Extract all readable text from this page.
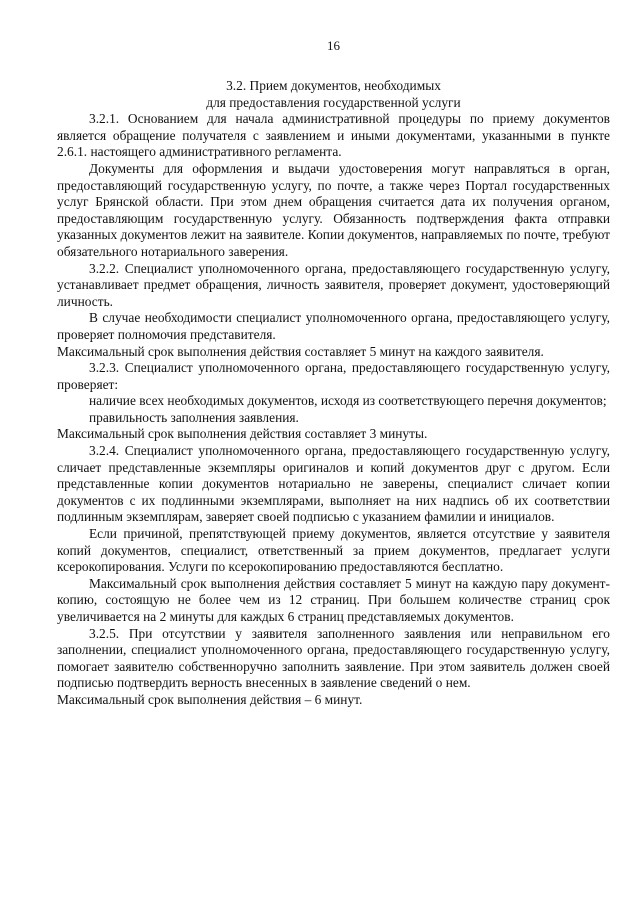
16

3.2. Прием документов, необходимых

для предоставления государственной услуги

3.2.1. Основанием для начала административной процедуры по приему документов является обращение получателя с заявлением и иными документами, указанными в пункте 2.6.1. настоящего административного регламента.

Документы для оформления и выдачи удостоверения могут направляться в орган, предоставляющий государственную услугу, по почте, а также через Портал государственных услуг Брянской области. При этом днем обращения считается дата их получения органом, предоставляющим государственную услугу. Обязанность подтверждения факта отправки указанных документов лежит на заявителе. Копии документов, направляемых по почте, требуют обязательного нотариального заверения.

3.2.2. Специалист уполномоченного органа, предоставляющего государственную услугу, устанавливает предмет обращения, личность заявителя, проверяет документ, удостоверяющий личность.

В случае необходимости специалист уполномоченного органа, предоставляющего услугу, проверяет полномочия представителя.

Максимальный срок выполнения действия составляет 5 минут на каждого заявителя.

3.2.3. Специалист уполномоченного органа, предоставляющего государственную услугу, проверяет:

наличие всех необходимых документов, исходя из соответствующего перечня документов;

правильность заполнения заявления.

Максимальный срок выполнения действия составляет 3 минуты.

3.2.4. Специалист уполномоченного органа, предоставляющего государственную услугу, сличает представленные экземпляры оригиналов и копий документов друг с другом. Если представленные копии документов нотариально не заверены, специалист сличает копии документов с их подлинными экземплярами, выполняет на них надпись об их соответствии подлинным экземплярам, заверяет своей подписью с указанием фамилии и инициалов.

Если причиной, препятствующей приему документов, является отсутствие у заявителя копий документов, специалист, ответственный за прием документов, предлагает услуги ксерокопирования. Услуги по ксерокопированию предоставляются бесплатно.

Максимальный срок выполнения действия составляет 5 минут на каждую пару документ-копию, состоящую не более чем из 12 страниц. При большем количестве страниц срок увеличивается на 2 минуты для каждых 6 страниц представляемых документов.

3.2.5. При отсутствии у заявителя заполненного заявления или неправильном его заполнении, специалист уполномоченного органа, предоставляющего государственную услугу, помогает заявителю собственноручно заполнить заявление. При этом заявитель должен своей подписью подтвердить верность внесенных в заявление сведений о нем.

Максимальный срок выполнения действия – 6 минут.
